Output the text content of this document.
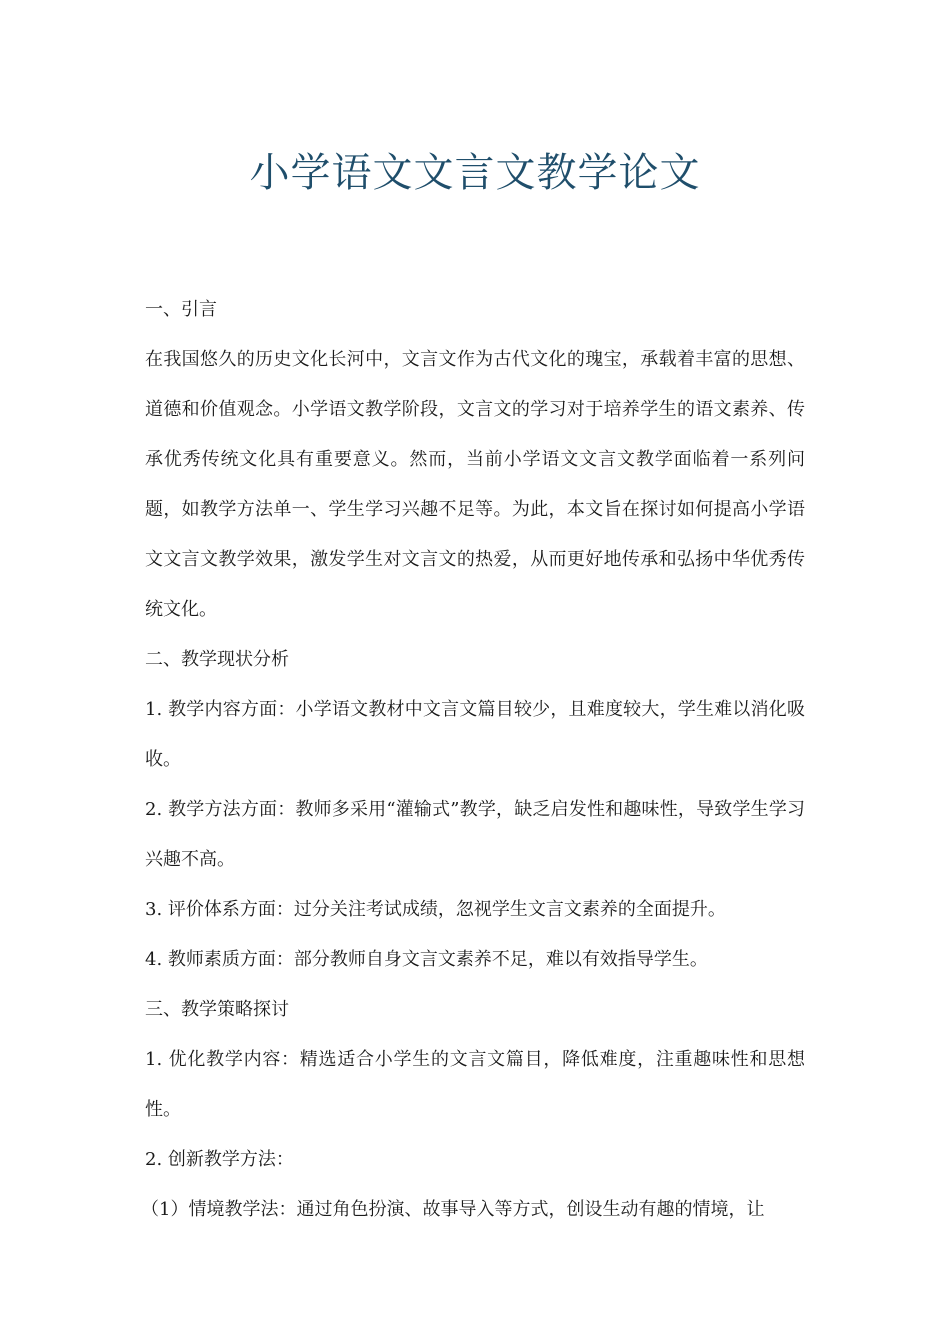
小学语文文言文教学论文

一、引言

在我国悠久的历史文化长河中，文言文作为古代文化的瑰宝，承载着丰富的思想、道德和价值观念。小学语文教学阶段，文言文的学习对于培养学生的语文素养、传承优秀传统文化具有重要意义。然而，当前小学语文文言文教学面临着一系列问题，如教学方法单一、学生学习兴趣不足等。为此，本文旨在探讨如何提高小学语文文言文教学效果，激发学生对文言文的热爱，从而更好地传承和弘扬中华优秀传统文化。

二、教学现状分析

1. 教学内容方面：小学语文教材中文言文篇目较少，且难度较大，学生难以消化吸收。

2. 教学方法方面：教师多采用“灌输式”教学，缺乏启发性和趣味性，导致学生学习兴趣不高。

3. 评价体系方面：过分关注考试成绩，忽视学生文言文素养的全面提升。

4. 教师素质方面：部分教师自身文言文素养不足，难以有效指导学生。

三、教学策略探讨

1. 优化教学内容：精选适合小学生的文言文篇目，降低难度，注重趣味性和思想性。

2. 创新教学方法：

（1）情境教学法：通过角色扮演、故事导入等方式，创设生动有趣的情境，让
